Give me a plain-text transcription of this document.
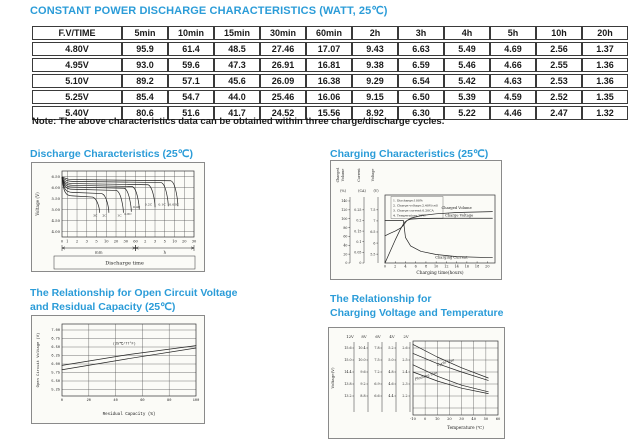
CONSTANT POWER DISCHARGE CHARACTERISTICS (WATT, 25℃)
F.V/TIME	5min	10min	15min	30min	60min	2h	3h	4h	5h	10h	20h
4.80V	95.9	61.4	48.5	27.46	17.07	9.43	6.63	5.49	4.69	2.56	1.37
4.95V	93.0	59.6	47.3	26.91	16.81	9.38	6.59	5.46	4.66	2.55	1.36
5.10V	89.2	57.1	45.6	26.09	16.38	9.29	6.54	5.42	4.63	2.53	1.36
5.25V	85.4	54.7	44.0	25.46	16.06	9.15	6.50	5.39	4.59	2.52	1.35
5.40V	80.6	51.6	41.7	24.52	15.56	8.92	6.30	5.22	4.46	2.47	1.32
Note: The above characteristics data can be obtained within three charge/discharge cycles.
Discharge Characteristics (25℃)
6.50
6.00
5.50
5.00
4.50
4.00
0 1 2 3 5 10 20 30 60 2 3 5 10 20 30
3C 2C	1C 0.6C
0.4C
0.2C 0.1C 0.05C
Voltage (V)
min	h
Discharge time
Charging Characteristics (25℃)
Charged Volume
(%)
140
120
100
80
60
40
20
0
Current
(CA)
0.25
0.2
0.15
0.1
0.05
0
Voltage
(V)
7.5
7
6.5
6
5.5
0 2 4 6 8 10 12 14 16 18 20
Charging time(hours)
1. Discharge:100%
2. Charge voltage:2.40V/cell
3. Charge current:0.20CA
4. Temperature:25℃
Charged Volume
Charge Voltage
Charging Current
The Relationship for Open Circuit Voltage
and Residual Capacity (25℃)
7.00
6.75
6.50
6.25
6.00
5.75
5.50
5.25
0	20	40	60	80	100
(25℃/77°F)
Open Circuit Voltage (V)
Residual Capacity (%)
The Relationship for
Charging Voltage and Temperature
Voltage(V)
12V
15.6
15.0
14.4
13.8
13.2
8V
10.4
10.0
9.6
9.2
8.8
6V
7.8
7.5
7.2
6.9
6.6
4V
5.2
5.0
4.8
4.6
4.4
2V
2.6
2.5
2.4
2.3
2.2
-10 0 10 20 30 40 50 60
Cycle Use
Floating Use
Temperature (℃)
